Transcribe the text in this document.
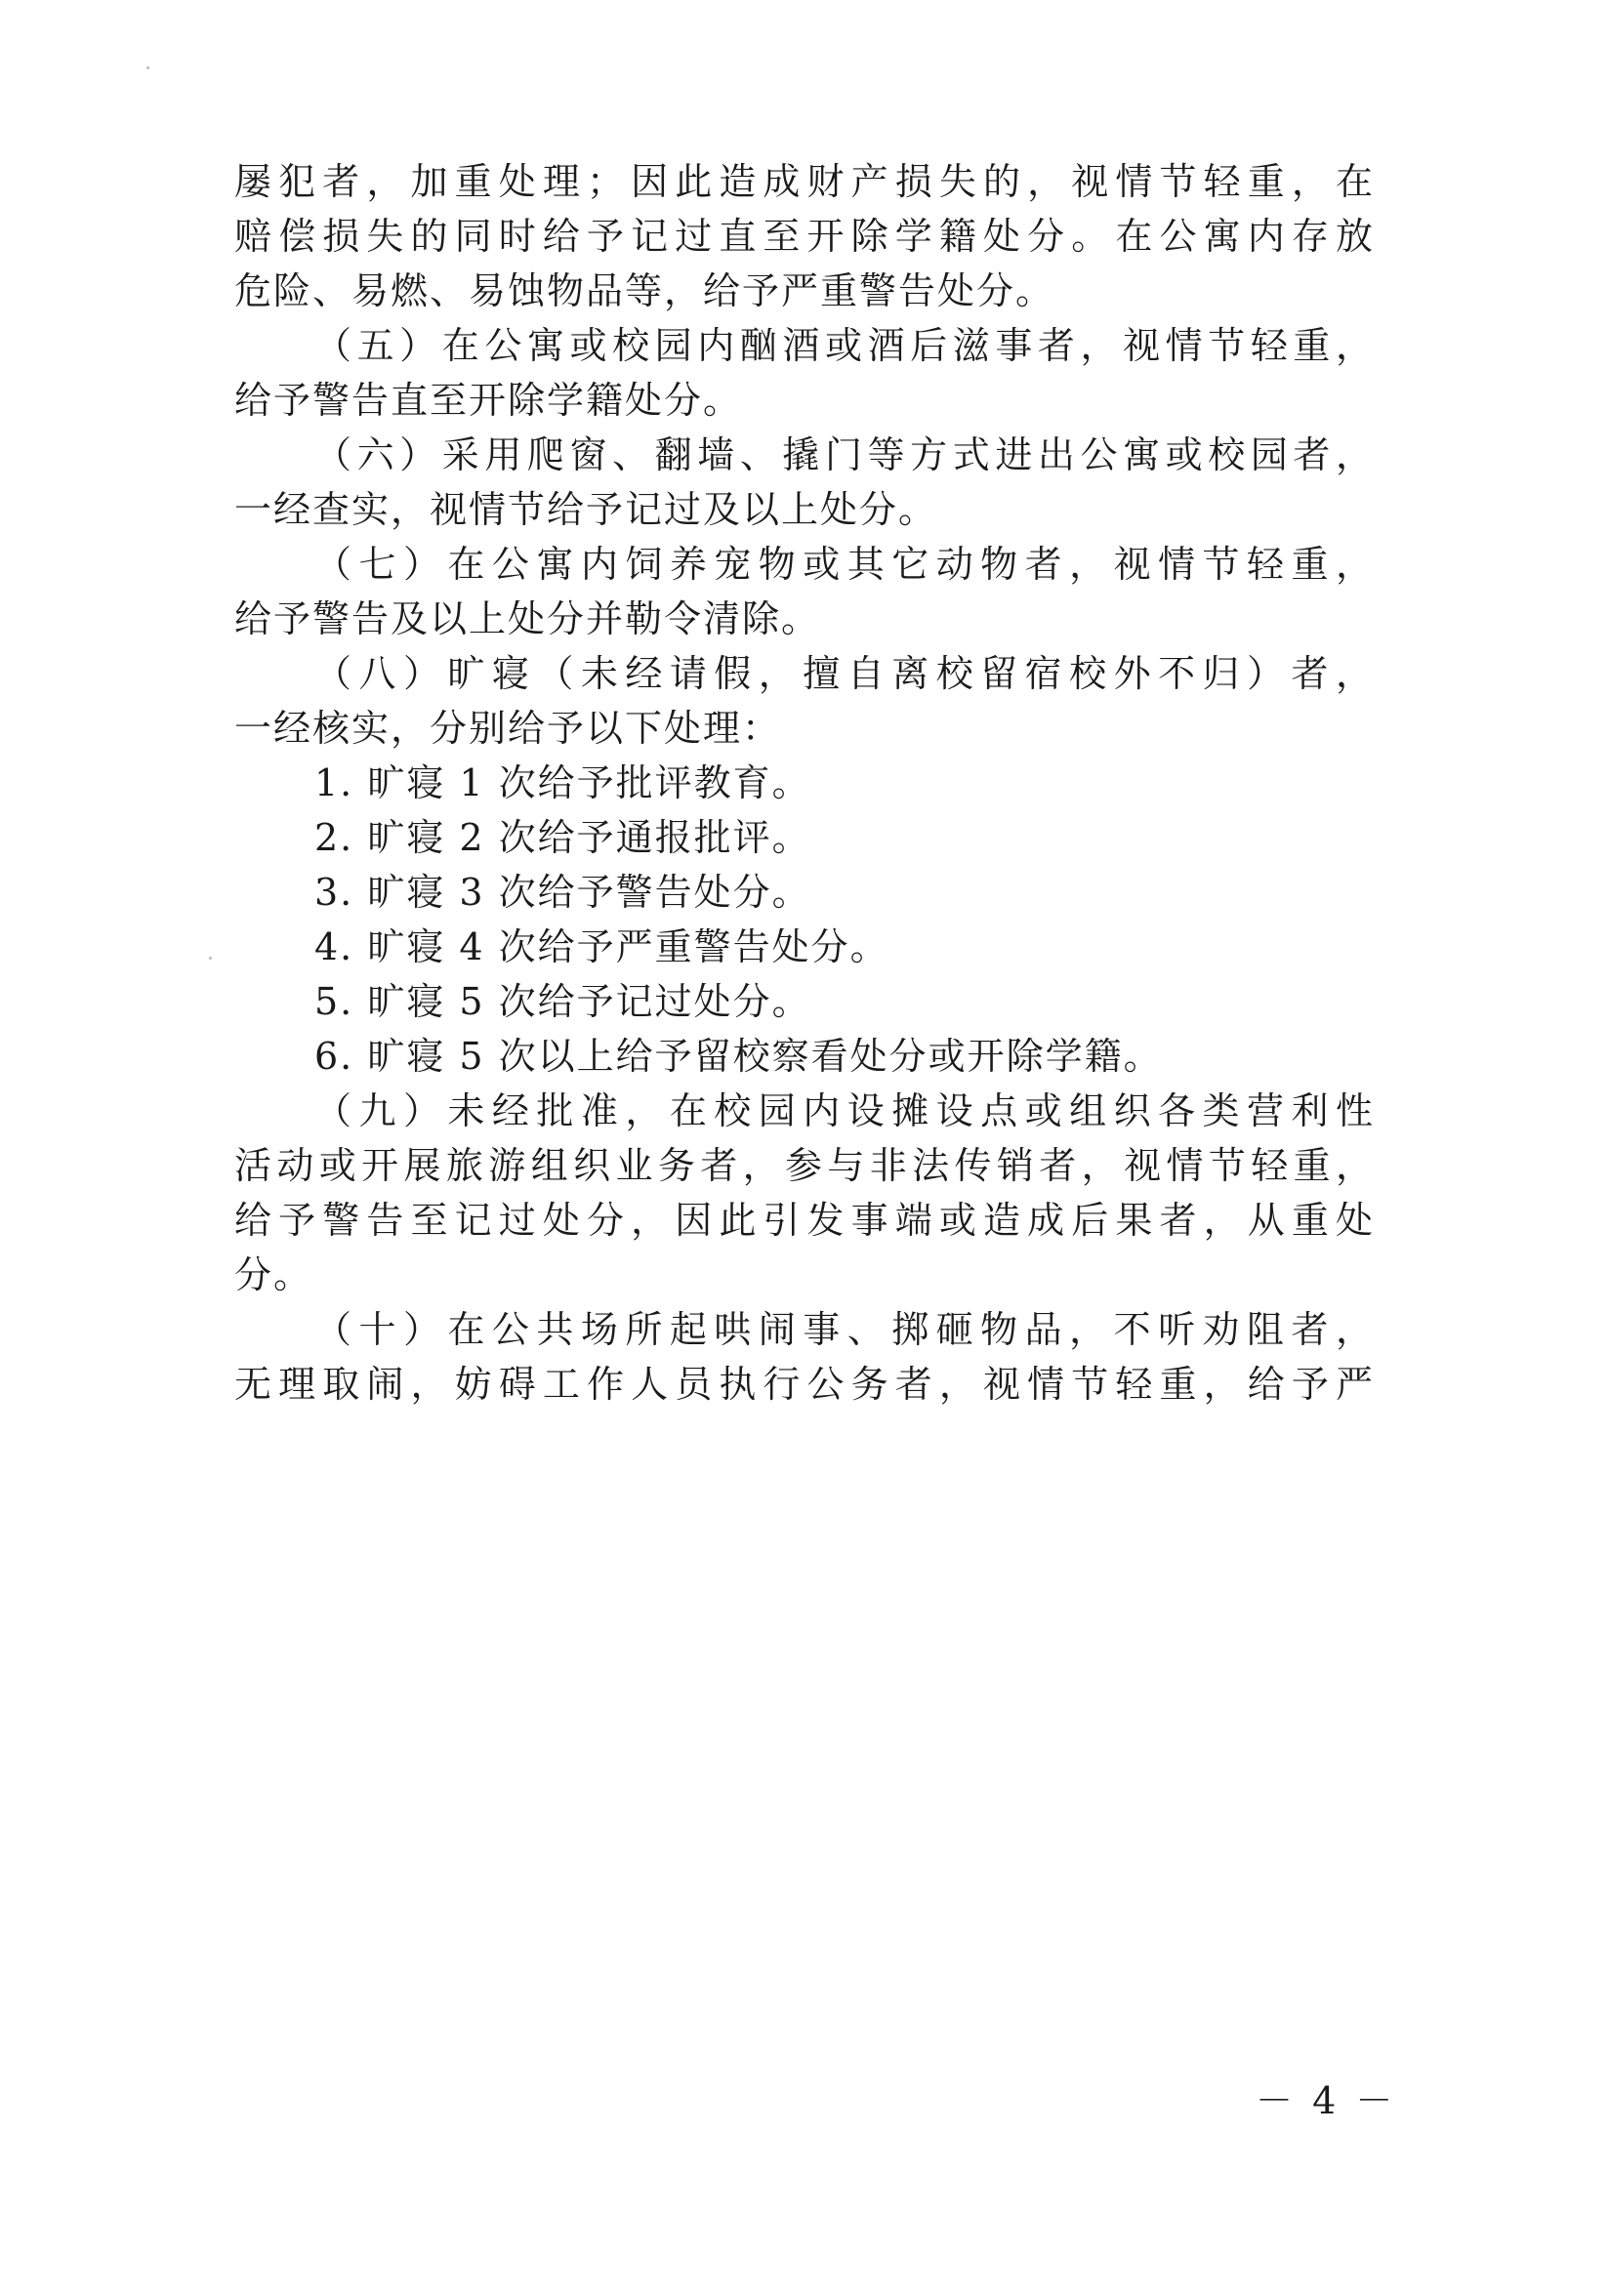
屡犯者，加重处理；因此造成财产损失的，视情节轻重，在
赔偿损失的同时给予记过直至开除学籍处分。在公寓内存放
危险、易燃、易蚀物品等，给予严重警告处分。
（五）在公寓或校园内酗酒或酒后滋事者，视情节轻重，
给予警告直至开除学籍处分。
（六）采用爬窗、翻墙、撬门等方式进出公寓或校园者，
一经查实，视情节给予记过及以上处分。
（七）在公寓内饲养宠物或其它动物者，视情节轻重，
给予警告及以上处分并勒令清除。
（八）旷寝（未经请假，擅自离校留宿校外不归）者，
一经核实，分别给予以下处理：
1. 旷寝 1 次给予批评教育。
2. 旷寝 2 次给予通报批评。
3. 旷寝 3 次给予警告处分。
4. 旷寝 4 次给予严重警告处分。
5. 旷寝 5 次给予记过处分。
6. 旷寝 5 次以上给予留校察看处分或开除学籍。
（九）未经批准，在校园内设摊设点或组织各类营利性
活动或开展旅游组织业务者，参与非法传销者，视情节轻重，
给予警告至记过处分，因此引发事端或造成后果者，从重处
分。
（十）在公共场所起哄闹事、掷砸物品，不听劝阻者，
无理取闹，妨碍工作人员执行公务者，视情节轻重，给予严
－ 4 －
